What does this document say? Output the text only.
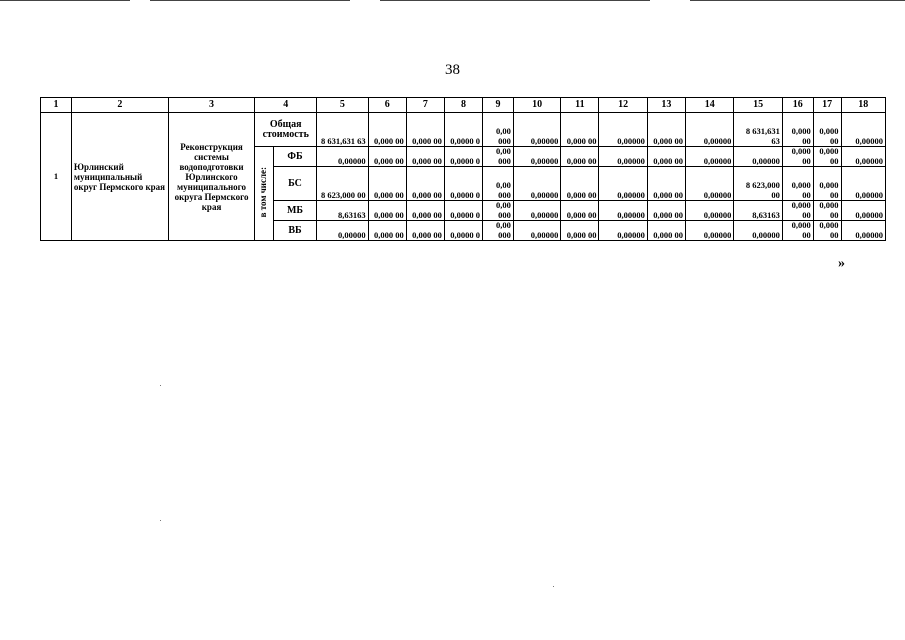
38
1	2	3	4		5	6	7	8	9	10	11	12	13	14	15	16	17	18
1	Юрлинский муниципальный округ Пермского края	Реконструкция системы водоподготовки Юрлинского муниципального округа Пермского края	Общая стоимость		8 631,631 63	0,000 00	0,000 00	0,0000 0	0,00 000	0,00000	0,000 00	0,00000	0,000 00	0,00000	8 631,631 63	0,000 00	0,000 00	0,00000
			в том числе:	ФБ	0,00000	0,000 00	0,000 00	0,0000 0	0,00 000	0,00000	0,000 00	0,00000	0,000 00	0,00000	0,00000	0,000 00	0,000 00	0,00000
				БС	8 623,000 00	0,000 00	0,000 00	0,0000 0	0,00 000	0,00000	0,000 00	0,00000	0,000 00	0,00000	8 623,000 00	0,000 00	0,000 00	0,00000
				МБ	8,63163	0,000 00	0,000 00	0,0000 0	0,00 000	0,00000	0,000 00	0,00000	0,000 00	0,00000	8,63163	0,000 00	0,000 00	0,00000
				ВБ	0,00000	0,000 00	0,000 00	0,0000 0	0,00 000	0,00000	0,000 00	0,00000	0,000 00	0,00000	0,00000	0,000 00	0,000 00	0,00000
»
